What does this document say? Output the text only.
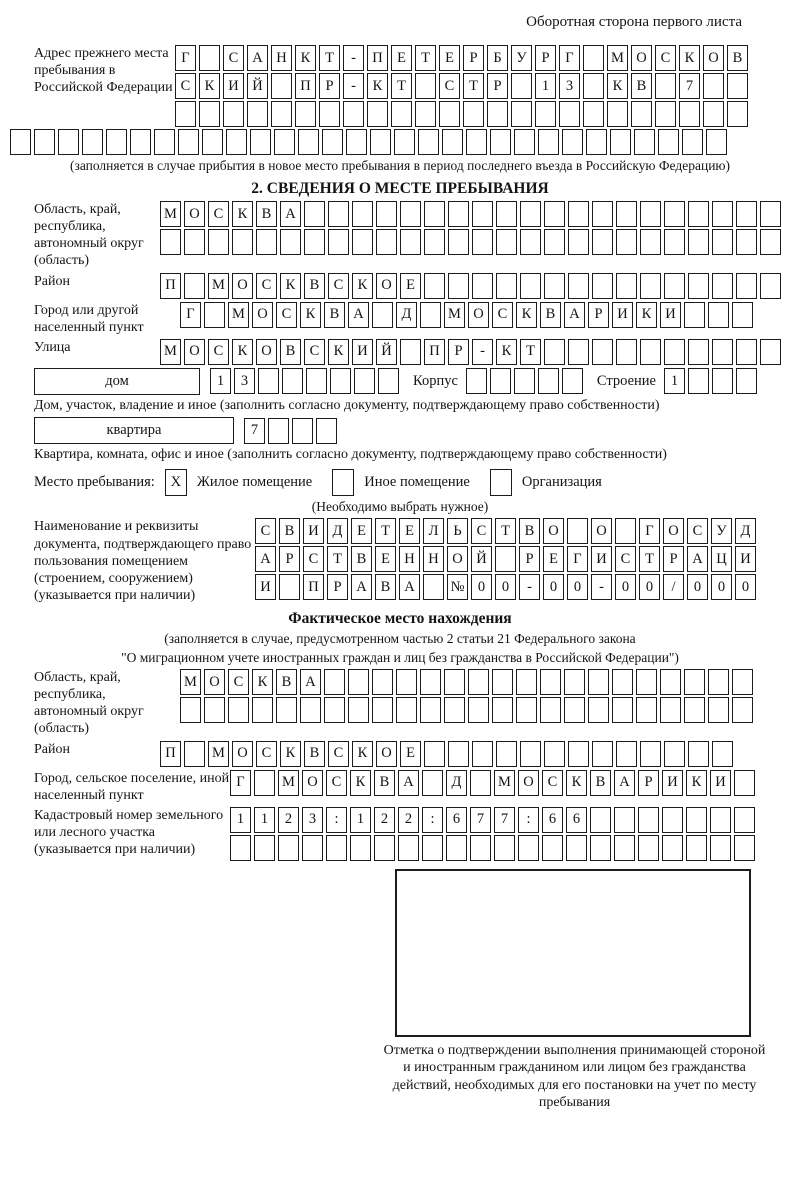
Оборотная сторона первого листа
Адрес прежнего места пребывания в Российской Федерации
Г	С А Н К	Т	-	П Е	Т	Е	Р	Б	У	Р	Г	М О С К О В
С К И Й	П	Р	-	К	Т	С	Т	Р	1	3	К В	7
(заполняется в случае прибытия в новое место пребывания в период последнего въезда в Российскую Федерацию)
2. СВЕДЕНИЯ О МЕСТЕ ПРЕБЫВАНИЯ
Область, край, республика, автономный округ (область)
М О С К В А
Район	П	М О С К В С К О Е
Город или другой населенный пункт
Г	М О С К В А	Д	М О С К В А	Р	И К И
Улица	М О С К О В С К И Й	П	Р	-	К	Т
дом	1	3	Корпус	Строение	1
Дом, участок, владение и иное (заполнить согласно документу, подтверждающему право собственности)
квартира	7
Квартира, комната, офис и иное (заполнить согласно документу, подтверждающему право собственности)
Место пребывания:	X	Жилое помещение	Иное помещение	Организация
(Необходимо выбрать нужное)
Наименование и реквизиты документа, подтверждающего право пользования помещением (строением, сооружением) (указывается при наличии)
С В И Д	Е	Т	Е	Л	Ь	С	Т	В О	О	Г	О С У Д
А	Р	С	Т	В	Е Н Н О Й	Р	Е	Г	И С	Т	Р	А Ц И
И	П	Р	А В А	№ 0	0	-	0	0	-	0	0	/	0	0	0
Фактическое место нахождения
(заполняется в случае, предусмотренном частью 2 статьи 21 Федерального закона
"О миграционном учете иностранных граждан и лиц без гражданства в Российской Федерации")
Область, край, республика, автономный округ (область)
М О С К В А
Район	П	М О С К В С К О Е
Город, сельское поселение, иной населенный пункт
Г	М О С К В А	Д	М О С К В А	Р	И К И
Кадастровый номер земельного или лесного участка (указывается при наличии)
1	1	2	3	:	1	2	2	:	6	7	7	:	6	6
Отметка о подтверждении выполнения принимающей стороной и иностранным гражданином или лицом без гражданства действий, необходимых для его постановки на учет по месту пребывания
